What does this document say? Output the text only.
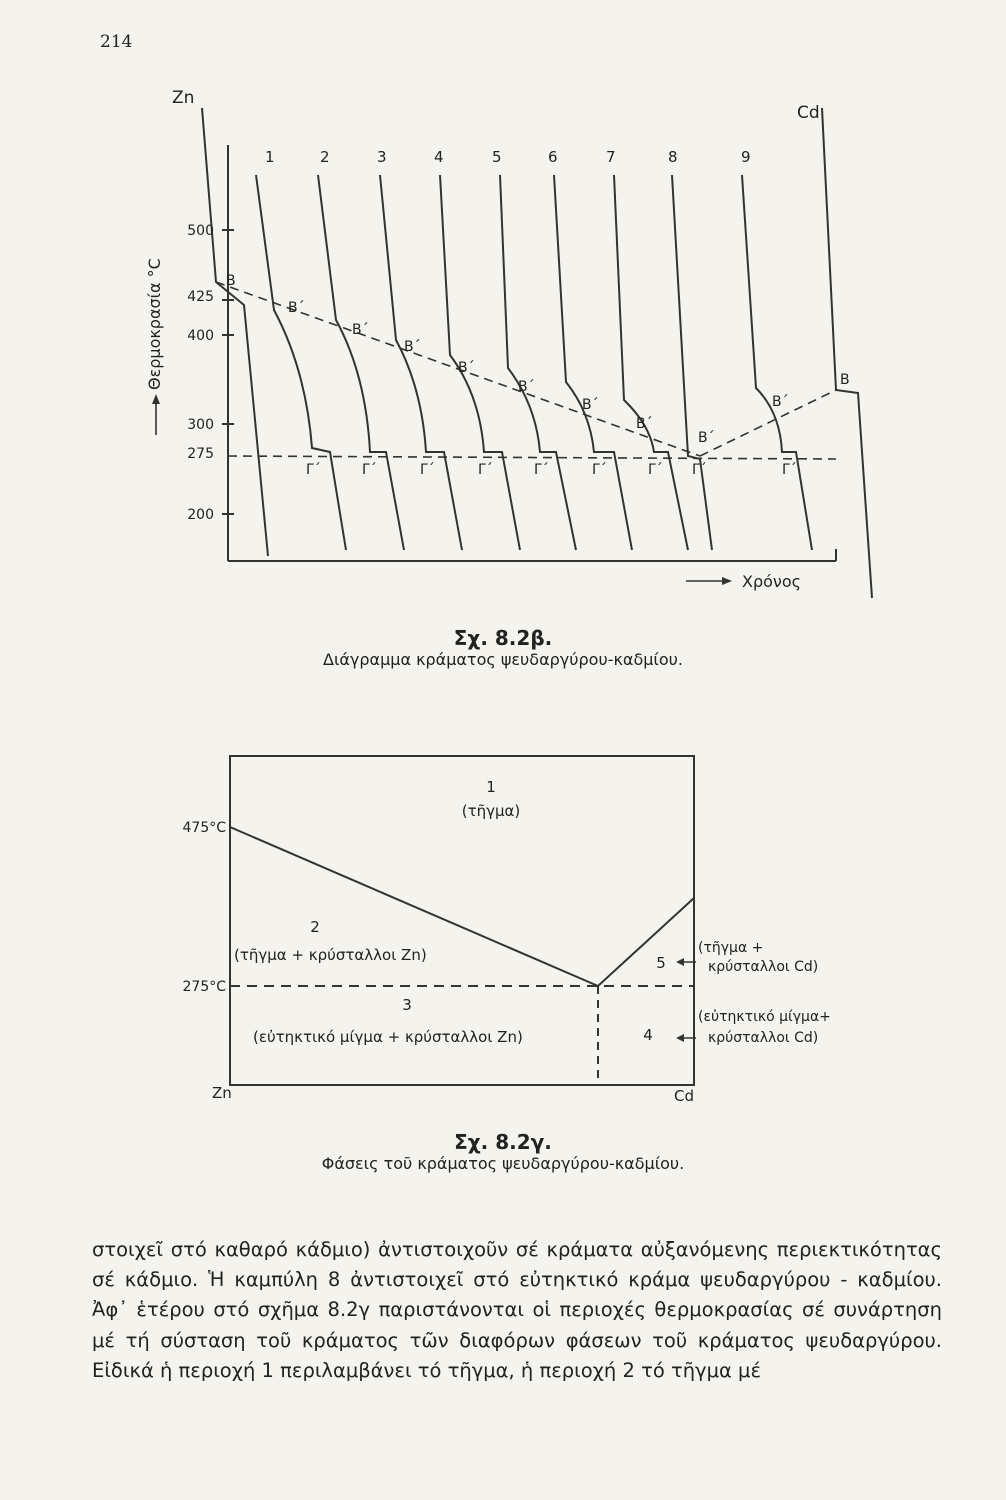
214
Zn
Cd
1	2	3	4	5	6	7	8	9
500
425
400
300
275
200
Θερμοκρασία °C	B
B΄
B΄
B΄
B΄
B΄
B΄
B΄
B΄
B΄
B
Γ΄	Γ΄	Γ΄	Γ΄	Γ΄	Γ΄	Γ΄ Γ΄	Γ΄
Χρόνος
Σχ. 8.2β.
Διάγραμμα κράματος ψευδαργύρου-καδμίου.
475°C
275°C
Zn	Cd
1
(τῆγμα)
2
(τῆγμα + κρύσταλλοι Zn)
3
(εὐτηκτικό μίγμα + κρύσταλλοι Zn)	4
5
(τῆγμα +
κρύσταλλοι Cd)
(εὐτηκτικό μίγμα+
κρύσταλλοι Cd)
Σχ. 8.2γ.
Φάσεις τοῦ κράματος ψευδαργύρου-καδμίου.

στοιχεῖ στό καθαρό κάδμιο) ἀντιστοιχοῦν σέ κράματα αὐξανόμενης περιεκτικότητας σέ κάδμιο. Ἡ καμπύλη 8 ἀντιστοιχεῖ στό εὐτηκτικό κράμα ψευδαργύρου - καδμίου. Ἀφ᾽ ἑτέρου στό σχῆμα 8.2γ παριστάνονται οἱ περιοχές θερμοκρασίας σέ συνάρτηση μέ τή σύσταση τοῦ κράματος τῶν διαφόρων φάσεων τοῦ κράματος ψευδαργύρου. Εἰδικά ἡ περιοχή 1 περιλαμβάνει τό τῆγμα, ἡ περιοχή 2 τό τῆγμα μέ
